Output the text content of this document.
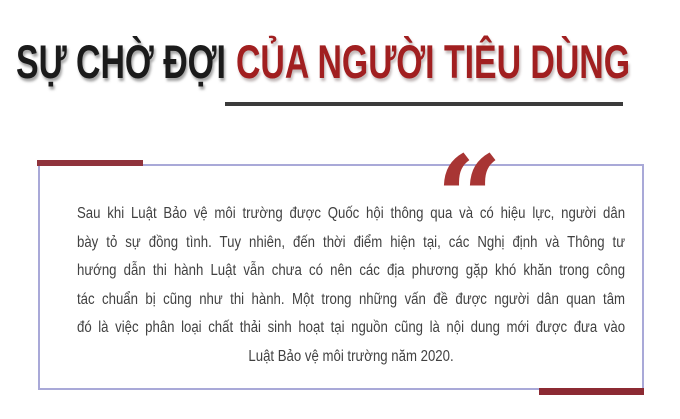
SỰ CHỜ ĐỢI CỦA NGƯỜI TIÊU DÙNG
“
Sau khi Luật Bảo vệ môi trường được Quốc hội thông qua và có hiệu lực, người dân
bày tỏ sự đồng tình. Tuy nhiên, đến thời điểm hiện tại, các Nghị định và Thông tư
hướng dẫn thi hành Luật vẫn chưa có nên các địa phương gặp khó khăn trong công
tác chuẩn bị cũng như thi hành. Một trong những vấn đề được người dân quan tâm
đó là việc phân loại chất thải sinh hoạt tại nguồn cũng là nội dung mới được đưa vào
Luật Bảo vệ môi trường năm 2020.
